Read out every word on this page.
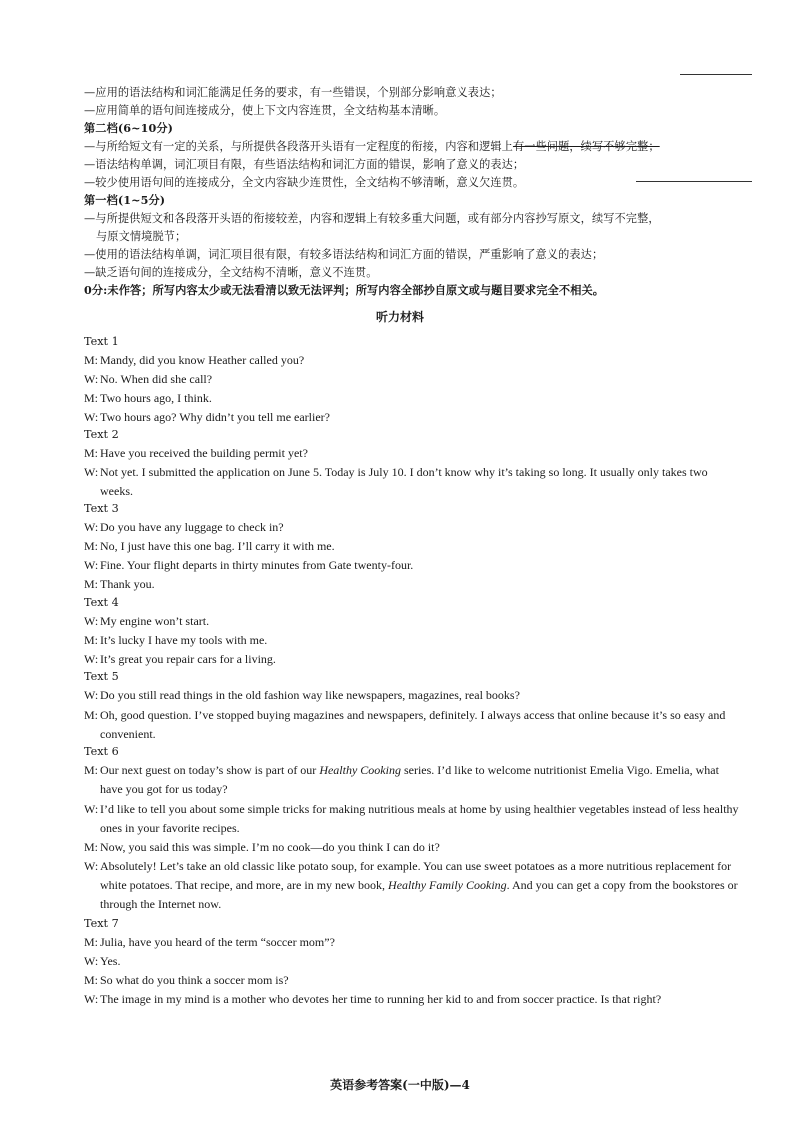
—应用的语法结构和词汇能满足任务的要求，有一些错误，个别部分影响意义表达；
—应用简单的语句间连接成分，使上下文内容连贯，全文结构基本清晰。
第二档(6~10分)
—与所给短文有一定的关系，与所提供各段落开头语有一定程度的衔接，内容和逻辑上有一些问题，续写不够完整；
—语法结构单调，词汇项目有限，有些语法结构和词汇方面的错误，影响了意义的表达；
—较少使用语句间的连接成分，全文内容缺少连贯性，全文结构不够清晰，意义欠连贯。
第一档(1~5分)
—与所提供短文和各段落开头语的衔接较差，内容和逻辑上有较多重大问题，或有部分内容抄写原文，续写不完整，
与原文情境脱节；
—使用的语法结构单调，词汇项目很有限，有较多语法结构和词汇方面的错误，严重影响了意义的表达；
—缺乏语句间的连接成分，全文结构不清晰，意义不连贯。
0分:未作答；所写内容太少或无法看清以致无法评判；所写内容全部抄自原文或与题目要求完全不相关。
听力材料
Text 1
M: Mandy, did you know Heather called you?
W: No. When did she call?
M: Two hours ago, I think.
W: Two hours ago? Why didn’t you tell me earlier?
Text 2
M: Have you received the building permit yet?
W: Not yet. I submitted the application on June 5. Today is July 10. I don’t know why it’s taking so long. It usually only takes two weeks.
Text 3
W: Do you have any luggage to check in?
M: No, I just have this one bag. I’ll carry it with me.
W: Fine. Your flight departs in thirty minutes from Gate twenty-four.
M: Thank you.
Text 4
W: My engine won’t start.
M: It’s lucky I have my tools with me.
W: It’s great you repair cars for a living.
Text 5
W: Do you still read things in the old fashion way like newspapers, magazines, real books?
M: Oh, good question. I’ve stopped buying magazines and newspapers, definitely. I always access that online because it’s so easy and convenient.
Text 6
M: Our next guest on today’s show is part of our Healthy Cooking series. I’d like to welcome nutritionist Emelia Vigo. Emelia, what have you got for us today?
W: I’d like to tell you about some simple tricks for making nutritious meals at home by using healthier vegetables instead of less healthy ones in your favorite recipes.
M: Now, you said this was simple. I’m no cook—do you think I can do it?
W: Absolutely! Let’s take an old classic like potato soup, for example. You can use sweet potatoes as a more nutritious replacement for white potatoes. That recipe, and more, are in my new book, Healthy Family Cooking. And you can get a copy from the bookstores or through the Internet now.
Text 7
M: Julia, have you heard of the term “soccer mom”?
W: Yes.
M: So what do you think a soccer mom is?
W: The image in my mind is a mother who devotes her time to running her kid to and from soccer practice. Is that right?
英语参考答案(一中版)—4
